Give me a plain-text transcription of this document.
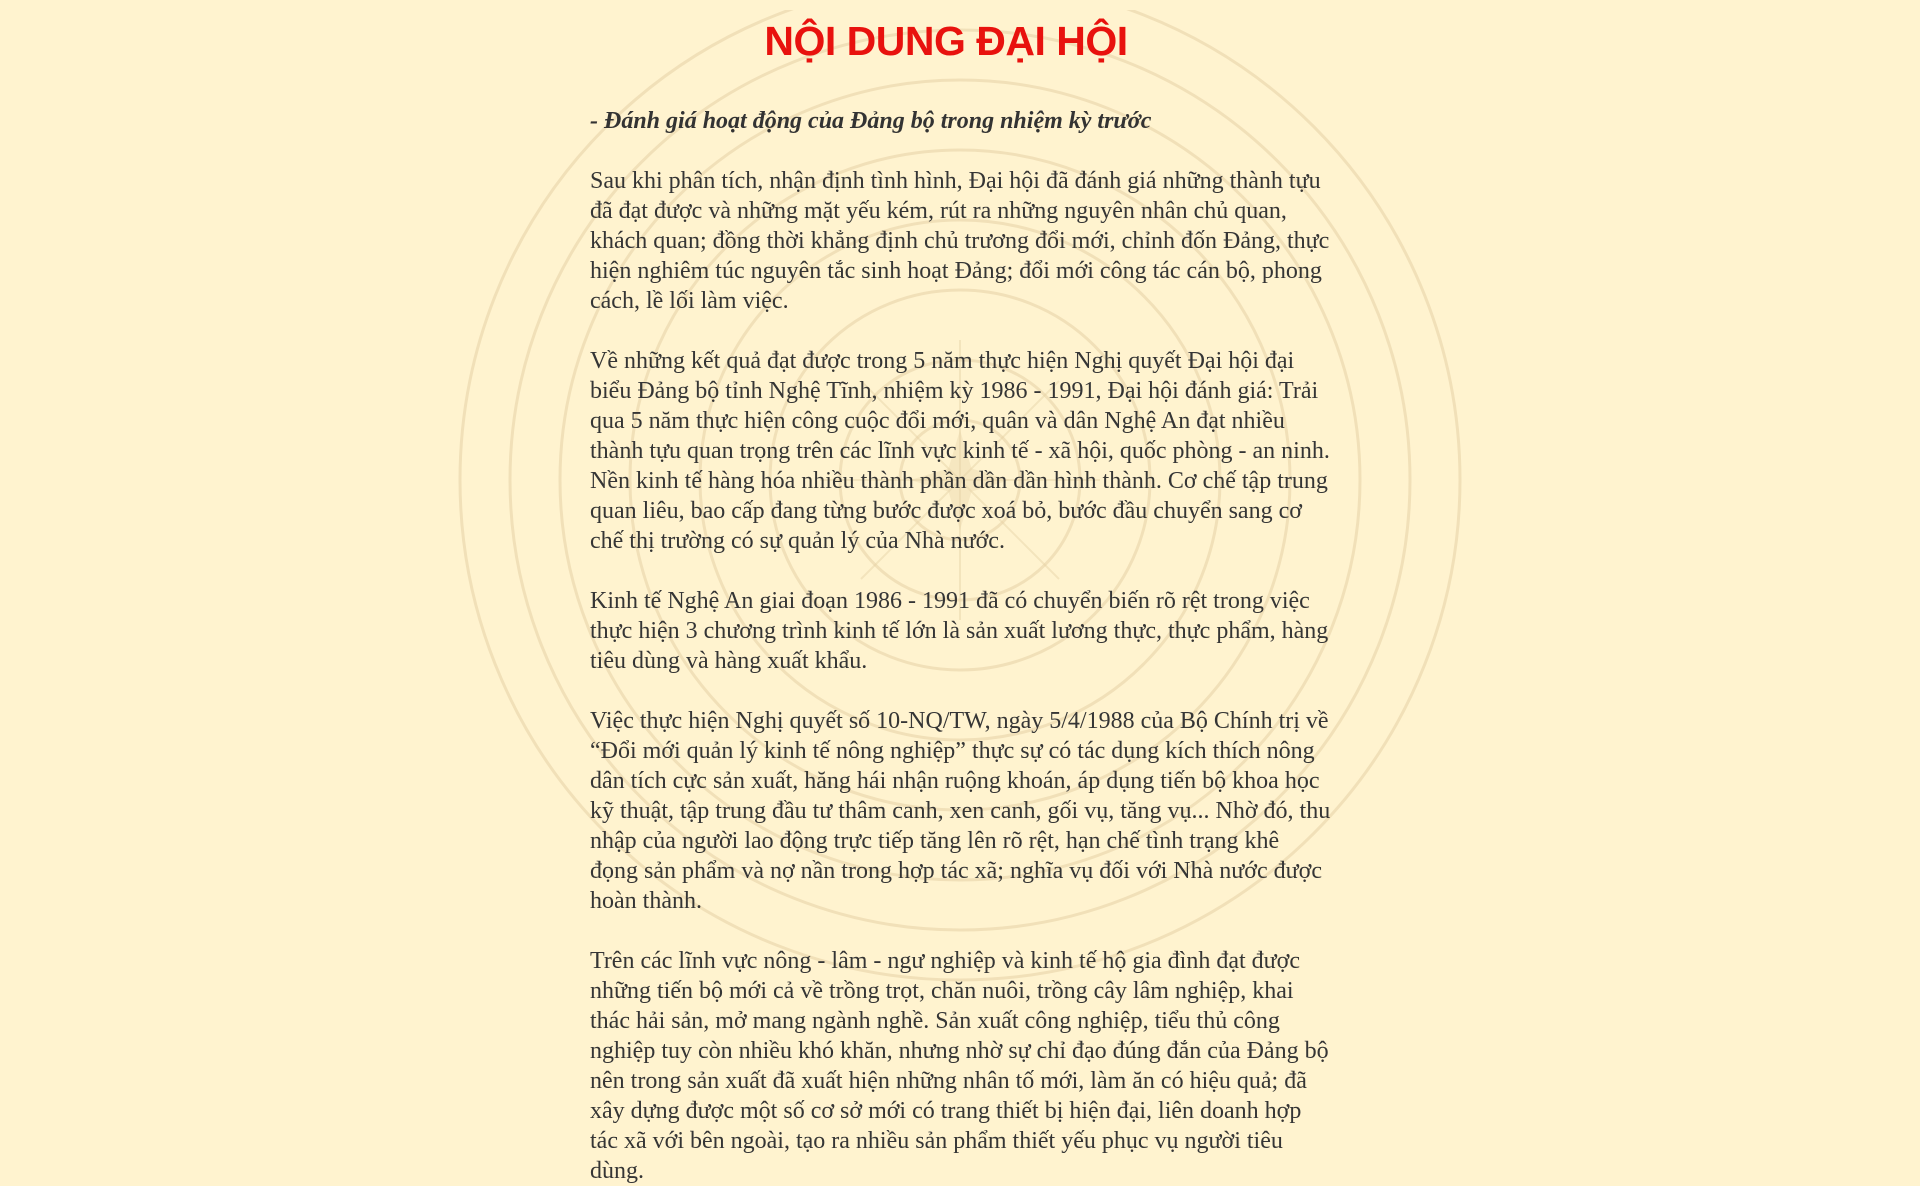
NỘI DUNG ĐẠI HỘI

- Đánh giá hoạt động của Đảng bộ trong nhiệm kỳ trước

Sau khi phân tích, nhận định tình hình, Đại hội đã đánh giá những thành tựu đã đạt được và những mặt yếu kém, rút ra những nguyên nhân chủ quan, khách quan; đồng thời khẳng định chủ trương đổi mới, chỉnh đốn Đảng, thực hiện nghiêm túc nguyên tắc sinh hoạt Đảng; đổi mới công tác cán bộ, phong cách, lề lối làm việc.

Về những kết quả đạt được trong 5 năm thực hiện Nghị quyết Đại hội đại biểu Đảng bộ tỉnh Nghệ Tĩnh, nhiệm kỳ 1986 - 1991, Đại hội đánh giá: Trải qua 5 năm thực hiện công cuộc đổi mới, quân và dân Nghệ An đạt nhiều thành tựu quan trọng trên các lĩnh vực kinh tế - xã hội, quốc phòng - an ninh. Nền kinh tế hàng hóa nhiều thành phần dần dần hình thành. Cơ chế tập trung quan liêu, bao cấp đang từng bước được xoá bỏ, bước đầu chuyển sang cơ chế thị trường có sự quản lý của Nhà nước.

Kinh tế Nghệ An giai đoạn 1986 - 1991 đã có chuyển biến rõ rệt trong việc thực hiện 3 chương trình kinh tế lớn là sản xuất lương thực, thực phẩm, hàng tiêu dùng và hàng xuất khẩu.

Việc thực hiện Nghị quyết số 10-NQ/TW, ngày 5/4/1988 của Bộ Chính trị về “Đổi mới quản lý kinh tế nông nghiệp” thực sự có tác dụng kích thích nông dân tích cực sản xuất, hăng hái nhận ruộng khoán, áp dụng tiến bộ khoa học kỹ thuật, tập trung đầu tư thâm canh, xen canh, gối vụ, tăng vụ... Nhờ đó, thu nhập của người lao động trực tiếp tăng lên rõ rệt, hạn chế tình trạng khê đọng sản phẩm và nợ nần trong hợp tác xã; nghĩa vụ đối với Nhà nước được hoàn thành.

Trên các lĩnh vực nông - lâm - ngư nghiệp và kinh tế hộ gia đình đạt được những tiến bộ mới cả về trồng trọt, chăn nuôi, trồng cây lâm nghiệp, khai thác hải sản, mở mang ngành nghề. Sản xuất công nghiệp, tiểu thủ công nghiệp tuy còn nhiều khó khăn, nhưng nhờ sự chỉ đạo đúng đắn của Đảng bộ nên trong sản xuất đã xuất hiện những nhân tố mới, làm ăn có hiệu quả; đã xây dựng được một số cơ sở mới có trang thiết bị hiện đại, liên doanh hợp tác xã với bên ngoài, tạo ra nhiều sản phẩm thiết yếu phục vụ người tiêu dùng.
